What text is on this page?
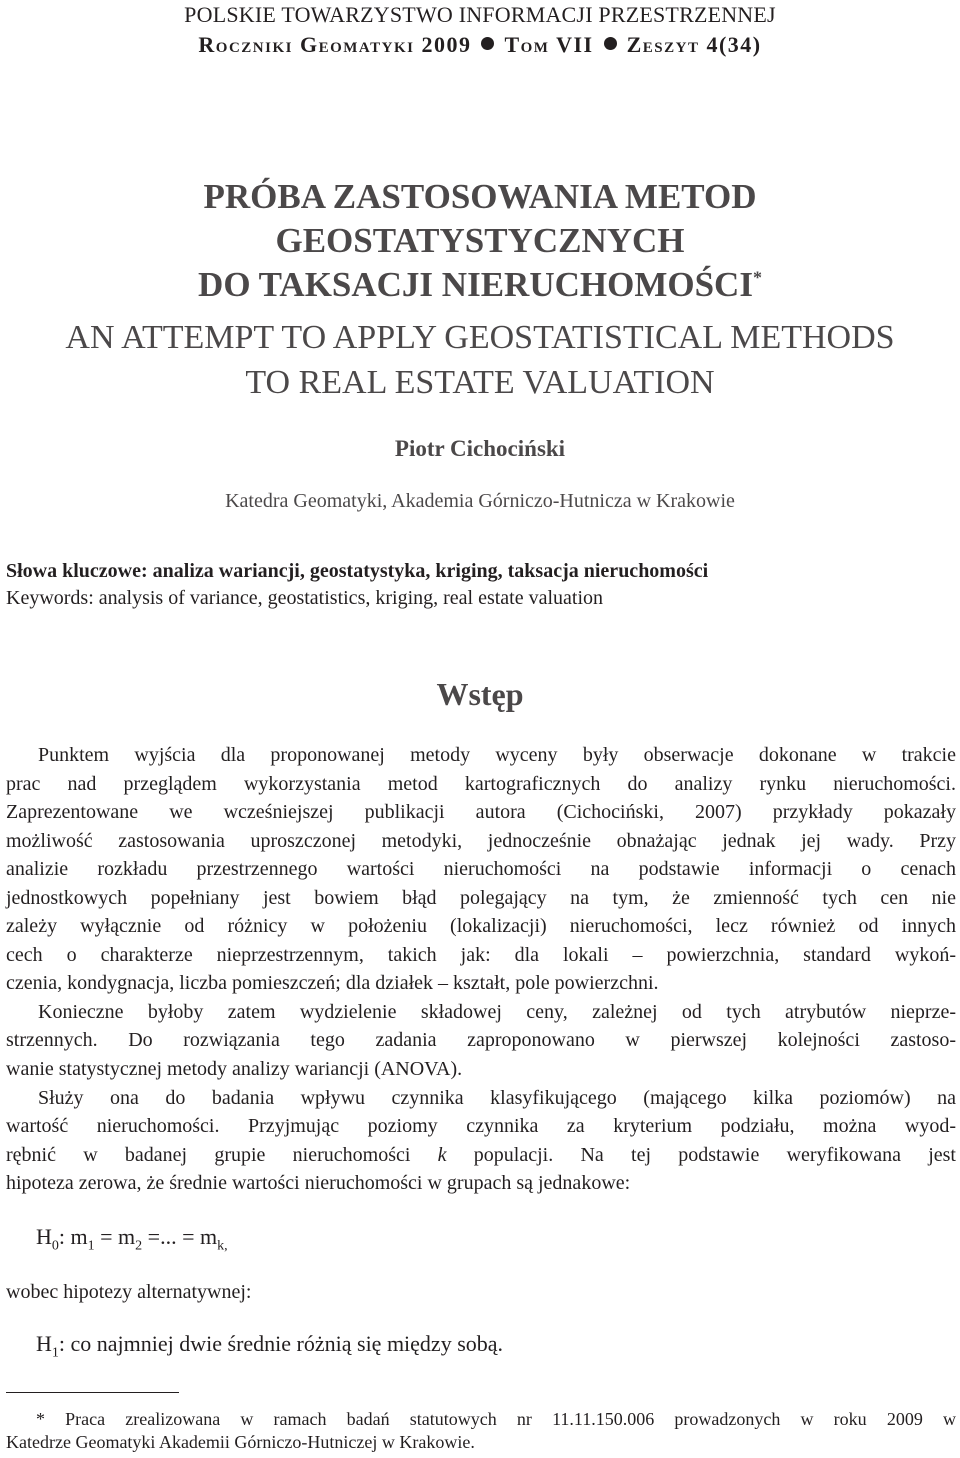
POLSKIE TOWARZYSTWO INFORMACJI PRZESTRZENNEJ
Roczniki Geomatyki 2009 Tom VII Zeszyt 4(34)
PRÓBA ZASTOSOWANIA METOD
GEOSTATYSTYCZNYCH
DO TAKSACJI NIERUCHOMOŚCI*
AN ATTEMPT TO APPLY GEOSTATISTICAL METHODS
TO REAL ESTATE VALUATION
Piotr Cichociński
Katedra Geomatyki, Akademia Górniczo-Hutnicza w Krakowie
Słowa kluczowe: analiza wariancji, geostatystyka, kriging, taksacja nieruchomości
Keywords: analysis of variance, geostatistics, kriging, real estate valuation
Wstęp
Punktem wyjścia dla proponowanej metody wyceny były obserwacje dokonane w trakcie
prac nad przeglądem wykorzystania metod kartograficznych do analizy rynku nieruchomości.
Zaprezentowane we wcześniejszej publikacji autora (Cichociński, 2007) przykłady pokazały
możliwość zastosowania uproszczonej metodyki, jednocześnie obnażając jednak jej wady. Przy
analizie rozkładu przestrzennego wartości nieruchomości na podstawie informacji o cenach
jednostkowych popełniany jest bowiem błąd polegający na tym, że zmienność tych cen nie
zależy wyłącznie od różnicy w położeniu (lokalizacji) nieruchomości, lecz również od innych
cech o charakterze nieprzestrzennym, takich jak: dla lokali – powierzchnia, standard wykoń-
czenia, kondygnacja, liczba pomieszczeń; dla działek – kształt, pole powierzchni.
Konieczne byłoby zatem wydzielenie składowej ceny, zależnej od tych atrybutów nieprze-
strzennych. Do rozwiązania tego zadania zaproponowano w pierwszej kolejności zastoso-
wanie statystycznej metody analizy wariancji (ANOVA).
Służy ona do badania wpływu czynnika klasyfikującego (mającego kilka poziomów) na
wartość nieruchomości. Przyjmując poziomy czynnika za kryterium podziału, można wyod-
rębnić w badanej grupie nieruchomości k populacji. Na tej podstawie weryfikowana jest
hipoteza zerowa, że średnie wartości nieruchomości w grupach są jednakowe:
$H_0$: $m_1 = m_2$ =... = $m_{k,}$
wobec hipotezy alternatywnej:
$H_1$: co najmniej dwie średnie różnią się między sobą.
* Praca zrealizowana w ramach badań statutowych nr 11.11.150.006 prowadzonych w roku 2009 w
Katedrze Geomatyki Akademii Górniczo-Hutniczej w Krakowie.
